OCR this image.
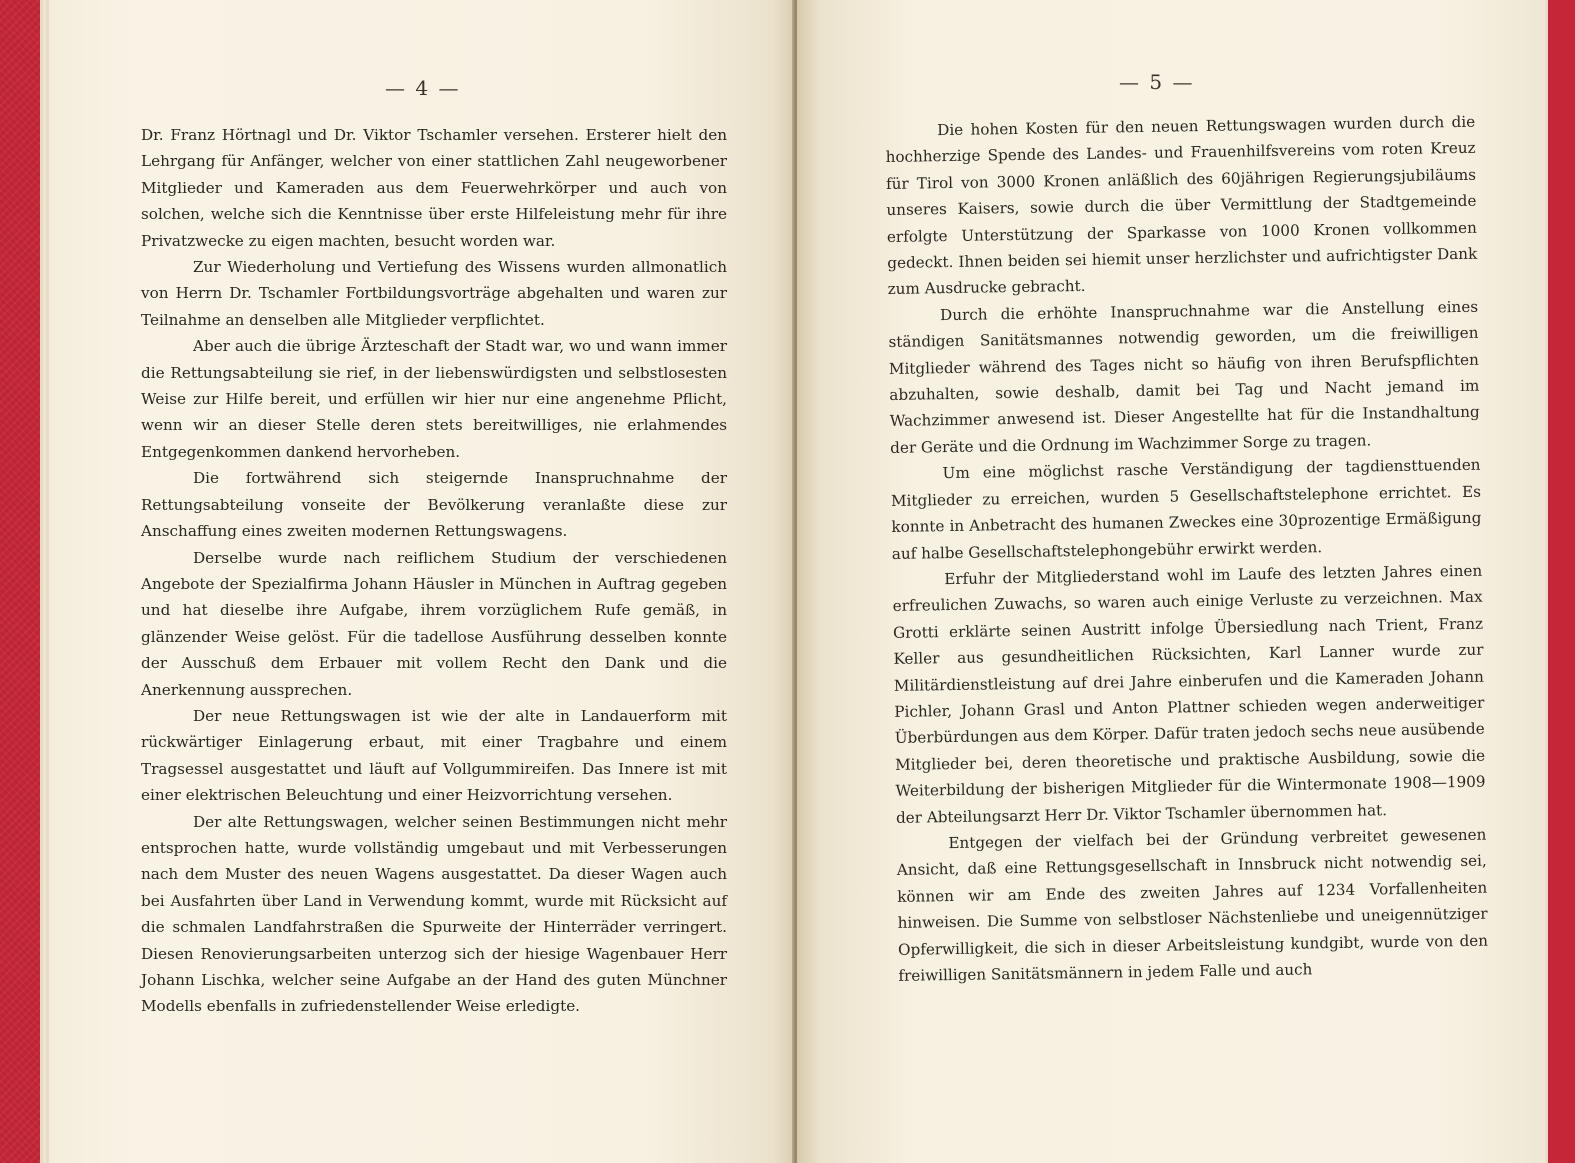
— 4 —

Dr. Franz Hörtnagl und Dr. Viktor Tschamler versehen. Ersterer hielt den Lehrgang für Anfänger, welcher von einer stattlichen Zahl neugeworbener Mitglieder und Kameraden aus dem Feuerwehrkörper und auch von solchen, welche sich die Kenntnisse über erste Hilfeleistung mehr für ihre Privatzwecke zu eigen machten, besucht worden war.

Zur Wiederholung und Vertiefung des Wissens wurden allmonatlich von Herrn Dr. Tschamler Fortbildungsvorträge abgehalten und waren zur Teilnahme an denselben alle Mitglieder verpflichtet.

Aber auch die übrige Ärzteschaft der Stadt war, wo und wann immer die Rettungsabteilung sie rief, in der liebenswürdigsten und selbstlosesten Weise zur Hilfe bereit, und erfüllen wir hier nur eine angenehme Pflicht, wenn wir an dieser Stelle deren stets bereitwilliges, nie erlahmendes Entgegenkommen dankend hervorheben.

Die fortwährend sich steigernde Inanspruchnahme der Rettungsabteilung vonseite der Bevölkerung veranlaßte diese zur Anschaffung eines zweiten modernen Rettungswagens.

Derselbe wurde nach reiflichem Studium der verschiedenen Angebote der Spezialfirma Johann Häusler in München in Auftrag gegeben und hat dieselbe ihre Aufgabe, ihrem vorzüglichem Rufe gemäß, in glänzender Weise gelöst. Für die tadellose Ausführung desselben konnte der Ausschuß dem Erbauer mit vollem Recht den Dank und die Anerkennung aussprechen.

Der neue Rettungswagen ist wie der alte in Landauerform mit rückwärtiger Einlagerung erbaut, mit einer Tragbahre und einem Tragsessel ausgestattet und läuft auf Vollgummireifen. Das Innere ist mit einer elektrischen Beleuchtung und einer Heizvorrichtung versehen.

Der alte Rettungswagen, welcher seinen Bestimmungen nicht mehr entsprochen hatte, wurde vollständig umgebaut und mit Verbesserungen nach dem Muster des neuen Wagens ausgestattet. Da dieser Wagen auch bei Ausfahrten über Land in Verwendung kommt, wurde mit Rücksicht auf die schmalen Landfahrstraßen die Spurweite der Hinterräder verringert. Diesen Renovierungsarbeiten unterzog sich der hiesige Wagenbauer Herr Johann Lischka, welcher seine Aufgabe an der Hand des guten Münchner Modells ebenfalls in zufriedenstellender Weise erledigte.

— 5 —

Die hohen Kosten für den neuen Rettungswagen wurden durch die hochherzige Spende des Landes- und Frauenhilfsvereins vom roten Kreuz für Tirol von 3000 Kronen anläßlich des 60jährigen Regierungsjubiläums unseres Kaisers, sowie durch die über Vermittlung der Stadtgemeinde erfolgte Unterstützung der Sparkasse von 1000 Kronen vollkommen gedeckt. Ihnen beiden sei hiemit unser herzlichster und aufrichtigster Dank zum Ausdrucke gebracht.

Durch die erhöhte Inanspruchnahme war die Anstellung eines ständigen Sanitätsmannes notwendig geworden, um die freiwilligen Mitglieder während des Tages nicht so häufig von ihren Berufspflichten abzuhalten, sowie deshalb, damit bei Tag und Nacht jemand im Wachzimmer anwesend ist. Dieser Angestellte hat für die Instandhaltung der Geräte und die Ordnung im Wachzimmer Sorge zu tragen.

Um eine möglichst rasche Verständigung der tagdiensttuenden Mitglieder zu erreichen, wurden 5 Gesellschaftstelephone errichtet. Es konnte in Anbetracht des humanen Zweckes eine 30prozentige Ermäßigung auf halbe Gesellschaftstelephongebühr erwirkt werden.

Erfuhr der Mitgliederstand wohl im Laufe des letzten Jahres einen erfreulichen Zuwachs, so waren auch einige Verluste zu verzeichnen. Max Grotti erklärte seinen Austritt infolge Übersiedlung nach Trient, Franz Keller aus gesundheitlichen Rücksichten, Karl Lanner wurde zur Militärdienstleistung auf drei Jahre einberufen und die Kameraden Johann Pichler, Johann Grasl und Anton Plattner schieden wegen anderweitiger Überbürdungen aus dem Körper. Dafür traten jedoch sechs neue ausübende Mitglieder bei, deren theoretische und praktische Ausbildung, sowie die Weiterbildung der bisherigen Mitglieder für die Wintermonate 1908—1909 der Abteilungsarzt Herr Dr. Viktor Tschamler übernommen hat.

Entgegen der vielfach bei der Gründung verbreitet gewesenen Ansicht, daß eine Rettungsgesellschaft in Innsbruck nicht notwendig sei, können wir am Ende des zweiten Jahres auf 1234 Vorfallenheiten hinweisen. Die Summe von selbstloser Nächstenliebe und uneigennütziger Opferwilligkeit, die sich in dieser Arbeitsleistung kundgibt, wurde von den freiwilligen Sanitätsmännern in jedem Falle und auch
